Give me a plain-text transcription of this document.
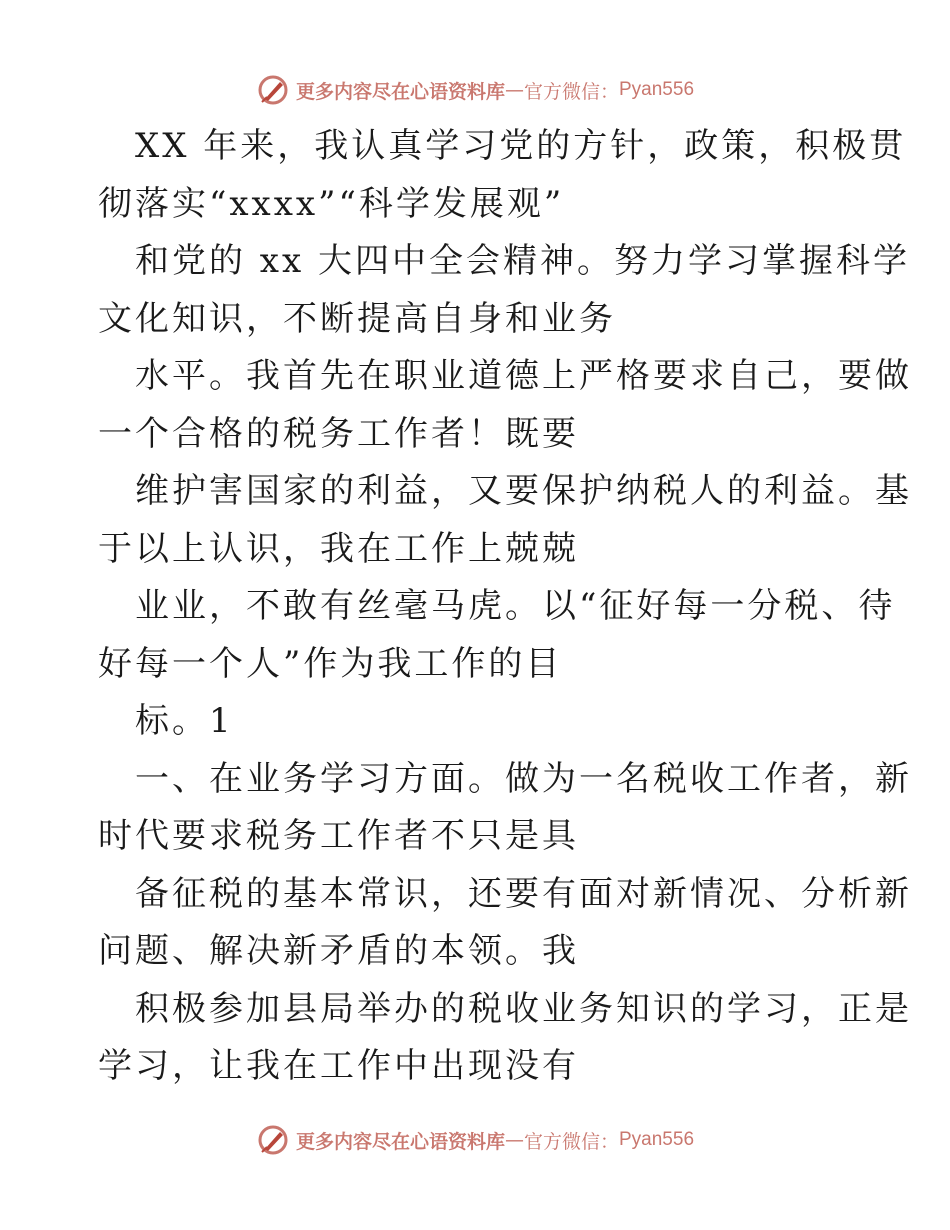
更多内容尽在心语资料库 — 官方微信： Pyan556
XX 年来，我认真学习党的方针，政策，积极贯
彻落实“xxxx”“科学发展观”
和党的 xx 大四中全会精神。努力学习掌握科学
文化知识，不断提高自身和业务
水平。我首先在职业道德上严格要求自己，要做
一个合格的税务工作者！既要
维护害国家的利益，又要保护纳税人的利益。基
于以上认识，我在工作上兢兢
业业，不敢有丝毫马虎。以“征好每一分税、待
好每一个人”作为我工作的目
标。1
一、在业务学习方面。做为一名税收工作者，新
时代要求税务工作者不只是具
备征税的基本常识，还要有面对新情况、分析新
问题、解决新矛盾的本领。我
积极参加县局举办的税收业务知识的学习，正是
学习，让我在工作中出现没有
更多内容尽在心语资料库 — 官方微信： Pyan556
